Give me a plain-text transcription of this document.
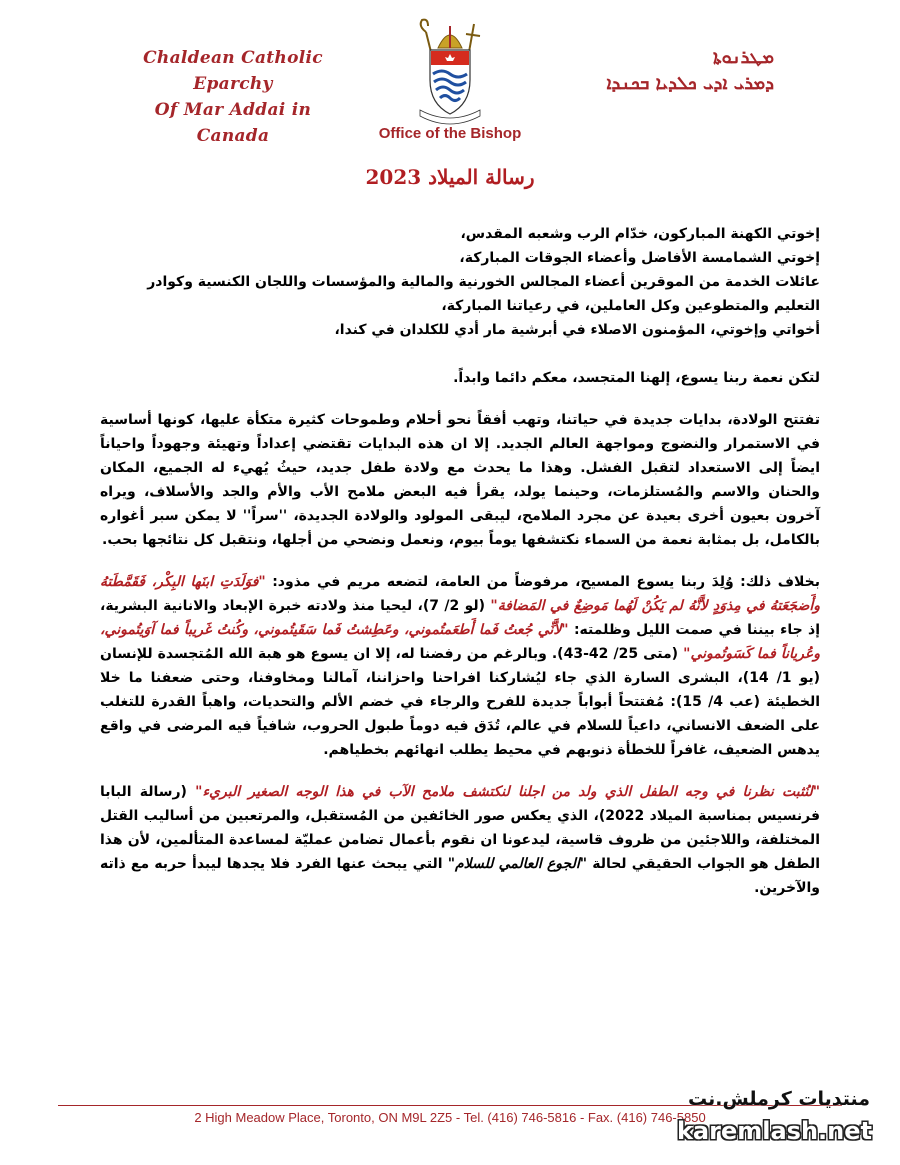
Chaldean Catholic Eparchy
Of Mar Addai in Canada
ܡܛܪܢܘܬܐ
ܕܡܪܝ ܐܕܝ ܟܠܕܝܐ ܒܟܢܕܐ
Office of the Bishop
رسالة الميلاد 2023

إخوتي الكهنة المباركون، خدّام الرب وشعبه المقدس،

إخوتي الشمامسة الأفاضل وأعضاء الجوقات المباركة،

عائلات الخدمة من الموقرين أعضاء المجالس الخورنية والمالية والمؤسسات واللجان الكنسية وكوادر التعليم والمتطوعين وكل العاملين، في رعياتنا المباركة،

أخواتي وإخوتي، المؤمنون الاصلاء في أبرشية مار أدي للكلدان في كندا،

لتكن نعمة ربنا يسوع، إلهنا المتجسد، معكم دائما وابداً.

تفتتح الولادة، بدايات جديدة في حياتنا، وتهب أفقاً نحو أحلام وطموحات كثيرة متكأة عليها، كونها أساسية في الاستمرار والنضوج ومواجهة العالم الجديد. إلا ان هذه البدايات تقتضي إعداداً وتهيئة وجهوداً واحياناً ايضاً إلى الاستعداد لتقبل الفشل. وهذا ما يحدث مع ولادة طفل جديد، حيثُ يُهيء له الجميع، المكان والحنان والاسم والمُستلزمات، وحينما يولد، يقرأ فيه البعض ملامح الأب والأم والجد والأسلاف، ويراه آخرون بعيون أخرى بعيدة عن مجرد الملامح، ليبقى المولود والولادة الجديدة، ''سراً'' لا يمكن سبر أغواره بالكامل، بل بمثابة نعمة من السماء نكتشفها يوماً بيوم، ونعمل ونضحي من أجلها، ونتقبل كل نتائجها بحب.

بخلاف ذلك: وُلِدَ ربنا يسوع المسيح، مرفوضاً من العامة، لتضعه مريم في مذود: "فوَلَدَتِ ابنَها البِكْر، فَقَمَّطَتهُ وأَضجَعَتهُ في مِذوَدٍ لأَنَّهُ لم يَكُنْ لَهُما مَوضِعٌ في المَضافة" (لو 2/ 7)، ليحيا منذ ولادته خبرة الإبعاد والانانية البشرية، إذ جاء بيننا في صمت الليل وظلمته: "لأَنِّي جُعتُ فَما أَطعَمتُموني، وعَطِشتُ فَما سَقَيتُموني، وكُنتُ غَريباً فما آوَيتُموني، وعُرياناً فما كَسَوتُموني" (متى 25/ 42-43). وبالرغم من رفضنا له، إلا ان يسوع هو هبة الله المُتجسدة للإنسان (يو 1/ 14)، البشرى السارة الذي جاء ليُشاركنا افراحنا واحزاننا، آمالنا ومخاوفنا، وحتى ضعفنا ما خلا الخطيئة (عب 4/ 15): مُفتتحاً أبواباً جديدة للفرح والرجاء في خضم الألم والتحديات، واهباً القدرة للتغلب على الضعف الانساني، داعياً للسلام في عالم، تُدَق فيه دوماً طبول الحروب، شافياً فيه المرضى في واقع يدهس الضعيف، غافراً للخطأة ذنوبهم في محيط يطلب انهائهم بخطياهم.

"لنُثبت نظرنا في وجه الطفل الذي ولد من اجلنا لنكتشف ملامح الآب في هذا الوجه الصغير البريء" (رسالة البابا فرنسيس بمناسبة الميلاد 2022)، الذي يعكس صور الخائفين من المُستقبل، والمرتعبين من أساليب القتل المختلفة، واللاجئين من ظروف قاسية، ليدعونا ان نقوم بأعمال تضامن عمليّة لمساعدة المتألمين، لأن هذا الطفل هو الجواب الحقيقي لحالة "الجوع العالمي للسلام" التي يبحث عنها الفرد فلا يجدها ليبدأ حربه مع ذاته والآخرين.

2 High Meadow Place, Toronto, ON M9L 2Z5 - Tel. (416) 746-5816 - Fax. (416) 746-5850
منتديات كرملش.نت
karemlash.net
